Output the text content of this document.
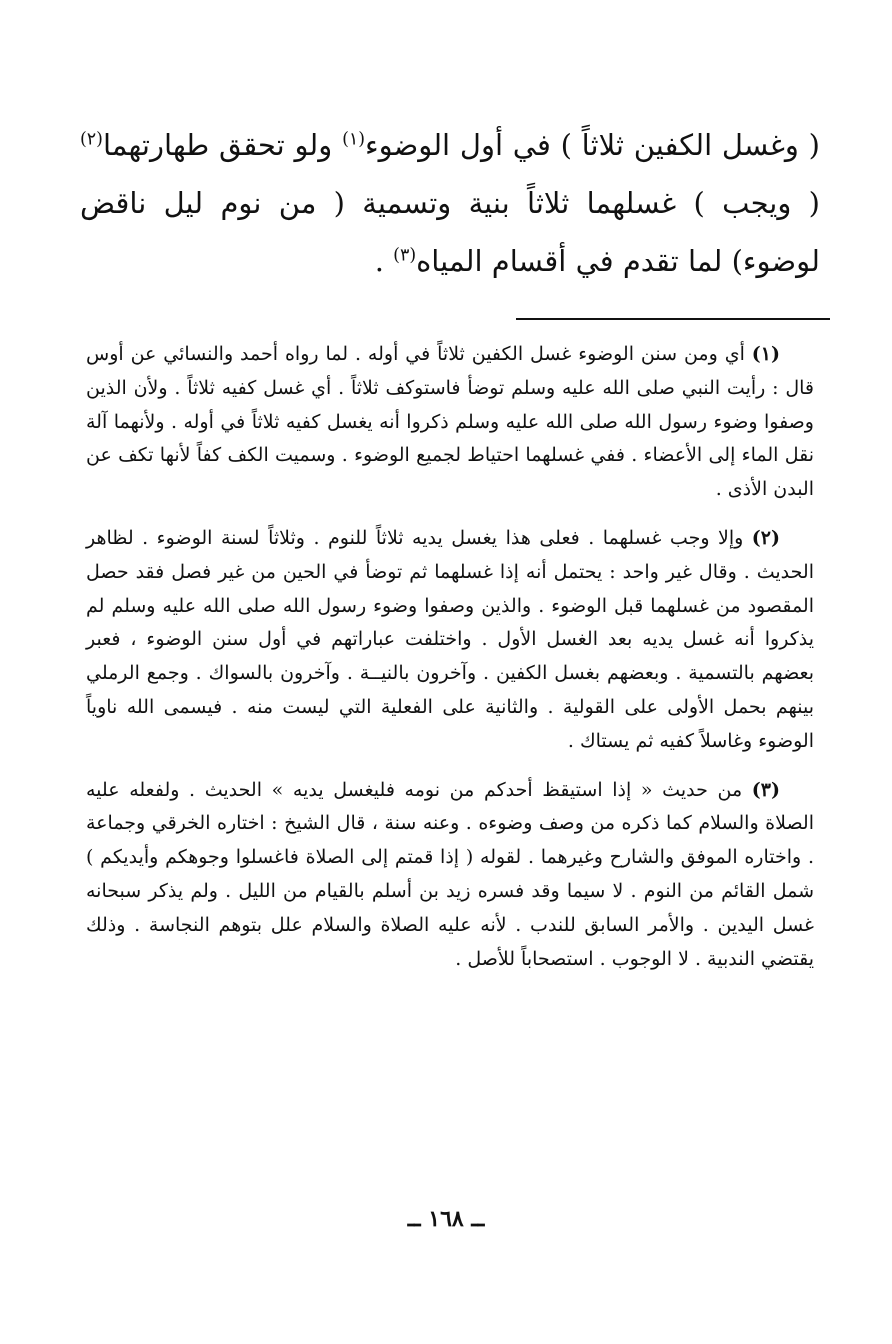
( وغسل الكفين ثلاثاً ) في أول الوضوء$^{(١)}$ ولو تحقق طهارتهما$^{(٢)}$ ( ويجب ) غسلهما ثلاثاً بنية وتسمية ( من نوم ليل ناقض لوضوء) لما تقدم في أقسام المياه$^{(٣)}$ .

(١) أي ومن سنن الوضوء غسل الكفين ثلاثاً في أوله . لما رواه أحمد والنسائي عن أوس قال : رأيت النبي صلى الله عليه وسلم توضأ فاستوكف ثلاثاً . أي غسل كفيه ثلاثاً . ولأن الذين وصفوا وضوء رسول الله صلى الله عليه وسلم ذكروا أنه يغسل كفيه ثلاثاً في أوله . ولأنهما آلة نقل الماء إلى الأعضاء . ففي غسلهما احتياط لجميع الوضوء . وسميت الكف كفاً لأنها تكف عن البدن الأذى .

(٢) وإلا وجب غسلهما . فعلى هذا يغسل يديه ثلاثاً للنوم . وثلاثاً لسنة الوضوء . لظاهر الحديث . وقال غير واحد : يحتمل أنه إذا غسلهما ثم توضأ في الحين من غير فصل فقد حصل المقصود من غسلهما قبل الوضوء . والذين وصفوا وضوء رسول الله صلى الله عليه وسلم لم يذكروا أنه غسل يديه بعد الغسل الأول . واختلفت عباراتهم في أول سنن الوضوء ، فعبر بعضهم بالتسمية . وبعضهم بغسل الكفين . وآخرون بالنيــة . وآخرون بالسواك . وجمع الرملي بينهم بحمل الأولى على القولية . والثانية على الفعلية التي ليست منه . فيسمى الله ناوياً الوضوء وغاسلاً كفيه ثم يستاك .

(٣) من حديث « إذا استيقظ أحدكم من نومه فليغسل يديه » الحديث . ولفعله عليه الصلاة والسلام كما ذكره من وصف وضوءه . وعنه سنة ، قال الشيخ : اختاره الخرقي وجماعة . واختاره الموفق والشارح وغيرهما . لقوله ( إذا قمتم إلى الصلاة فاغسلوا وجوهكم وأيديكم ) شمل القائم من النوم . لا سيما وقد فسره زيد بن أسلم بالقيام من الليل . ولم يذكر سبحانه غسل اليدين . والأمر السابق للندب . لأنه عليه الصلاة والسلام علل بتوهم النجاسة . وذلك يقتضي الندبية . لا الوجوب . استصحاباً للأصل .

ــ ١٦٨ ــ
